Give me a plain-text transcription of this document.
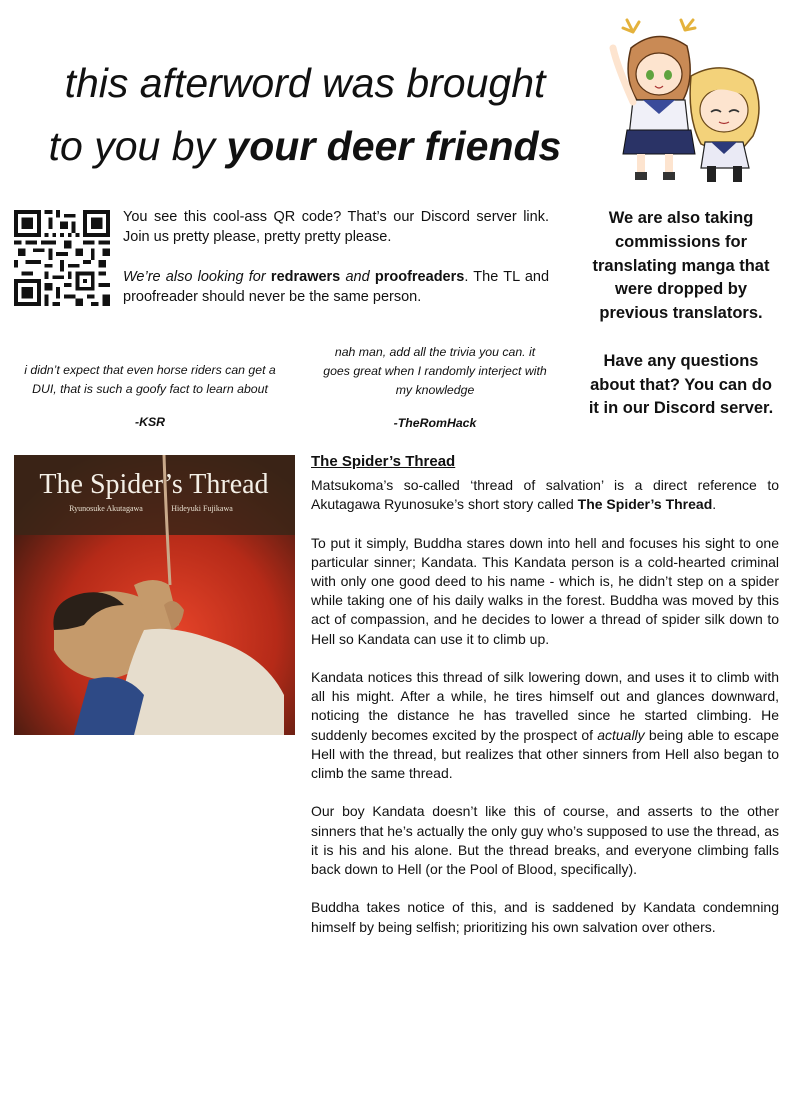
this afterword was brought
to you by your deer friends

You see this cool-ass QR code? That’s our Discord server link. Join us pretty please, pretty pretty please.

We’re also looking for redrawers and proofreaders. The TL and proofreader should never be the same person.

We are also taking commissions for translating manga that were dropped by previous translators.

Have any questions about that? You can do it in our Discord server.

i didn’t expect that even horse riders can get a DUI, that is such a goofy fact to learn about
-KSR
nah man, add all the trivia you can. it goes great when I randomly interject with my knowledge
-TheRomHack
The Spider’s Thread
Ryunosuke Akutagawa	Hideyuki Fujikawa
The Spider’s Thread

Matsukoma’s so-called ‘thread of salvation’ is a direct reference to Akutagawa Ryunosuke’s short story called The Spider’s Thread.

To put it simply, Buddha stares down into hell and focuses his sight to one particular sinner; Kandata. This Kandata person is a cold-hearted criminal with only one good deed to his name - which is, he didn’t step on a spider while taking one of his daily walks in the forest. Buddha was moved by this act of compassion, and he decides to lower a thread of spider silk down to Hell so Kandata can use it to climb up.

Kandata notices this thread of silk lowering down, and uses it to climb with all his might. After a while, he tires himself out and glances downward, noticing the distance he has travelled since he started climbing. He suddenly becomes excited by the prospect of actually being able to escape Hell with the thread, but realizes that other sinners from Hell also began to climb the same thread.

Our boy Kandata doesn’t like this of course, and asserts to the other sinners that he’s actually the only guy who’s supposed to use the thread, as it is his and his alone. But the thread breaks, and everyone climbing falls back down to Hell (or the Pool of Blood, specifically).

Buddha takes notice of this, and is saddened by Kandata condemning himself by being selfish; prioritizing his own salvation over others.
